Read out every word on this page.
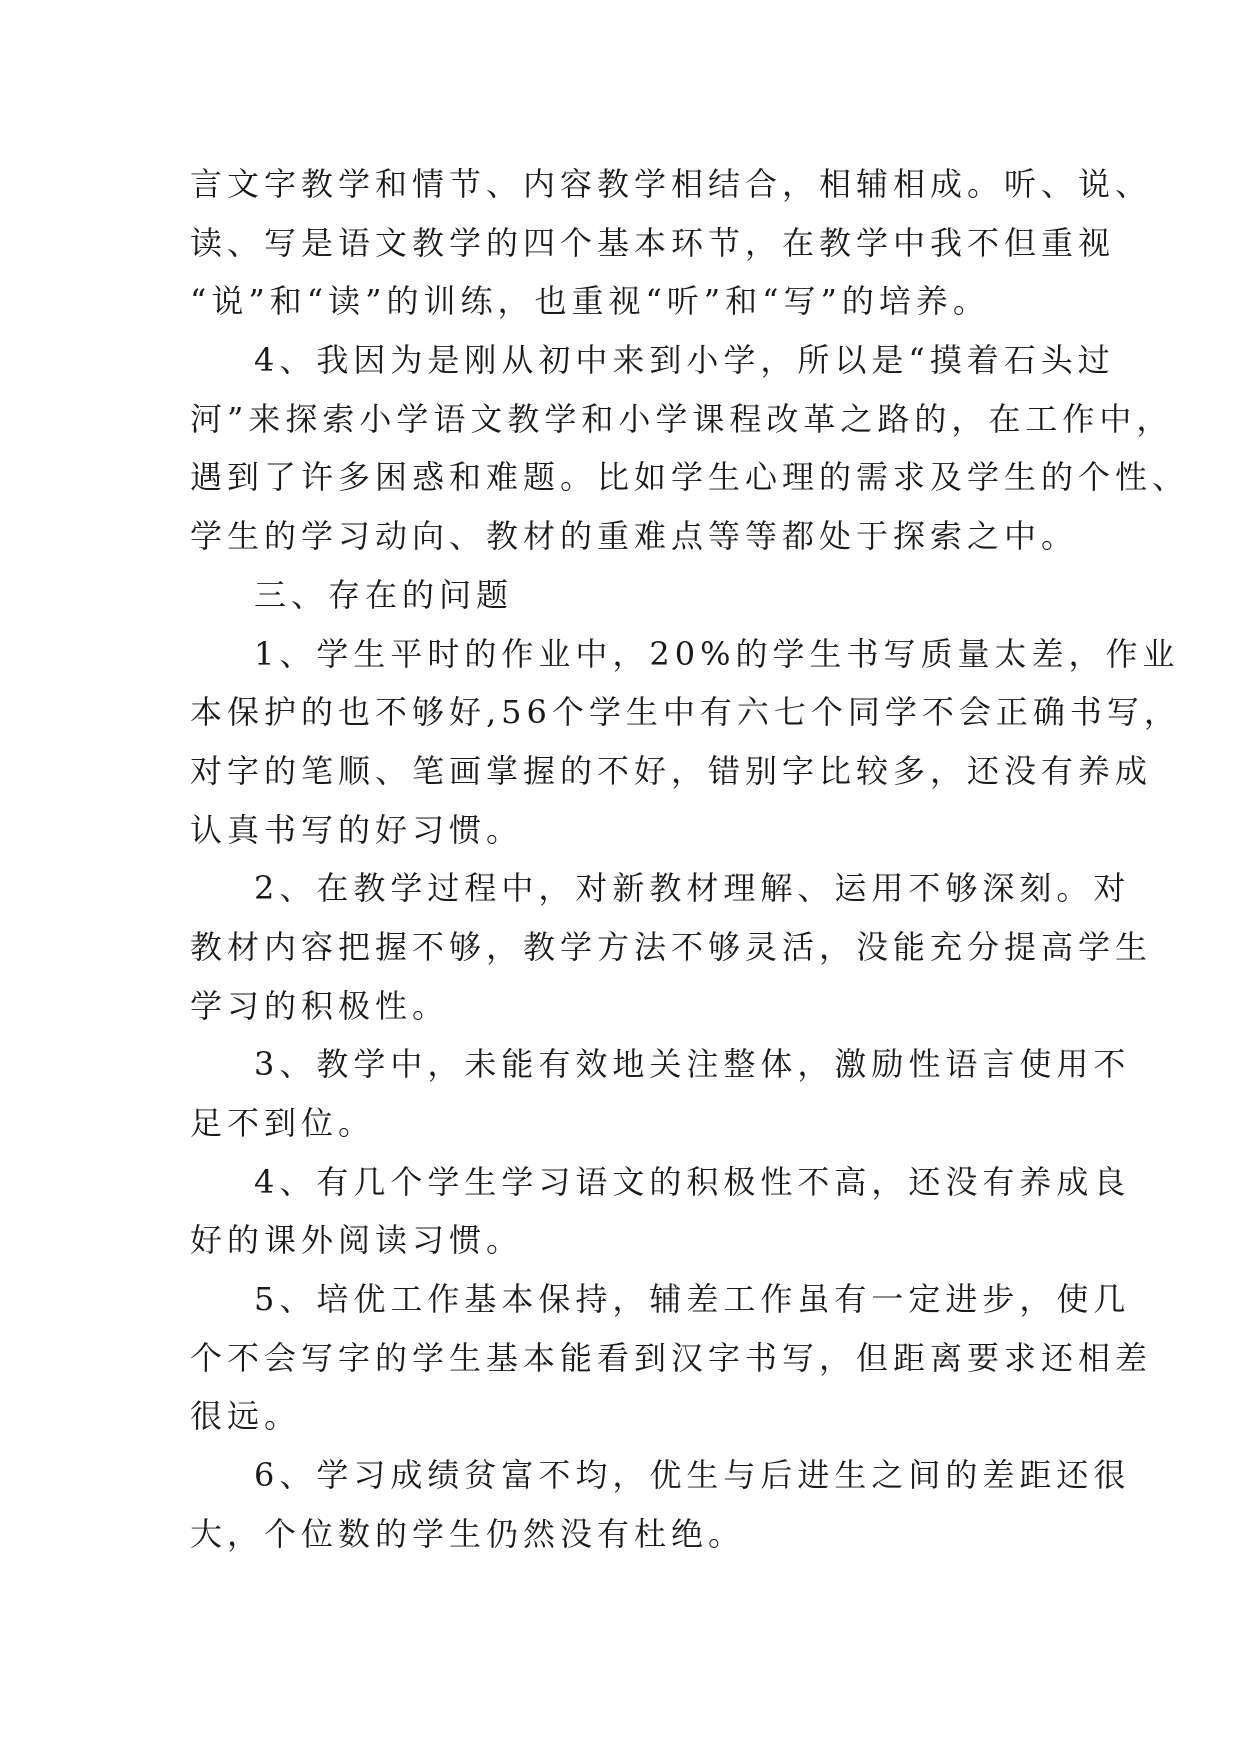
言文字教学和情节、内容教学相结合，相辅相成。听、说、
读、写是语文教学的四个基本环节，在教学中我不但重视
“说”和“读”的训练，也重视“听”和“写”的培养。
4、我因为是刚从初中来到小学，所以是“摸着石头过
河”来探索小学语文教学和小学课程改革之路的，在工作中，
遇到了许多困惑和难题。比如学生心理的需求及学生的个性、
学生的学习动向、教材的重难点等等都处于探索之中。
三、存在的问题
1、学生平时的作业中，20%的学生书写质量太差，作业
本保护的也不够好,56个学生中有六七个同学不会正确书写，
对字的笔顺、笔画掌握的不好，错别字比较多，还没有养成
认真书写的好习惯。
2、在教学过程中，对新教材理解、运用不够深刻。对
教材内容把握不够，教学方法不够灵活，没能充分提高学生
学习的积极性。
3、教学中，未能有效地关注整体，激励性语言使用不
足不到位。
4、有几个学生学习语文的积极性不高，还没有养成良
好的课外阅读习惯。
5、培优工作基本保持，辅差工作虽有一定进步，使几
个不会写字的学生基本能看到汉字书写，但距离要求还相差
很远。
6、学习成绩贫富不均，优生与后进生之间的差距还很
大，个位数的学生仍然没有杜绝。
